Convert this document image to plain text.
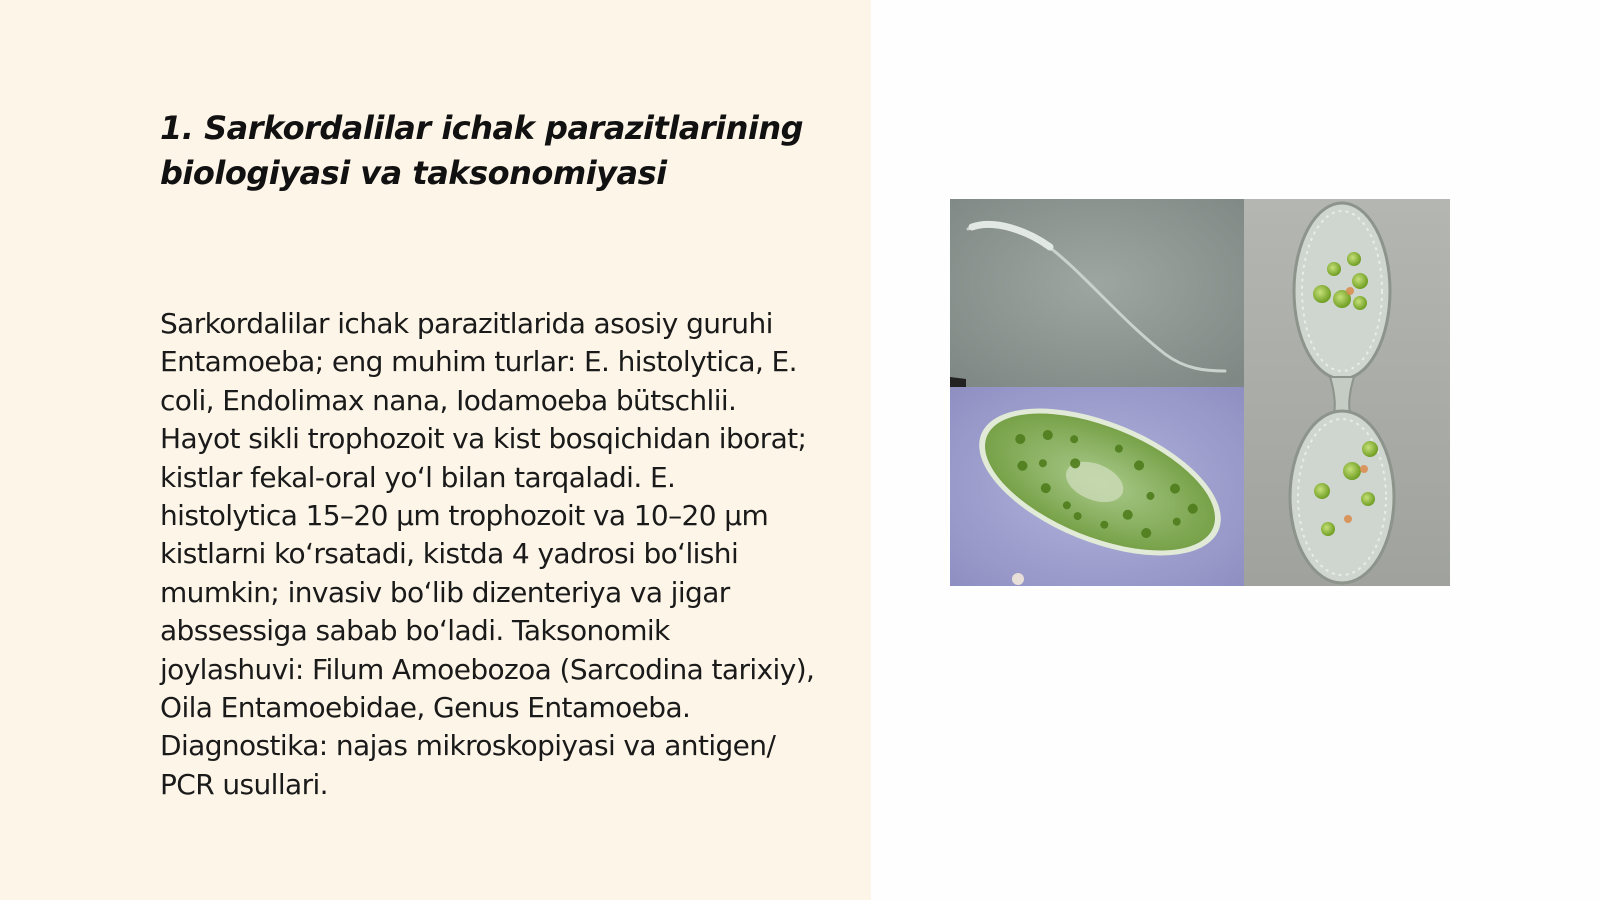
1. Sarkordalilar ichak parazitlarining biologiyasi va taksonomiyasi

Sarkordalilar ichak parazitlarida asosiy guruhi Entamoeba; eng muhim turlar: E. histolytica, E. coli, Endolimax nana, Iodamoeba bütschlii. Hayot sikli trophozoit va kist bosqichidan iborat; kistlar fekal-oral yoʻl bilan tarqaladi. E. histolytica 15–20 µm trophozoit va 10–20 µm kistlarni koʻrsatadi, kistda 4 yadrosi boʻlishi mumkin; invasiv boʻlib dizenteriya va jigar abssessiga sabab boʻladi. Taksonomik joylashuvi: Filum Amoebozoa (Sarcodina tarixiy), Oila Entamoebidae, Genus Entamoeba. Diagnostika: najas mikroskopiyasi va antigen/ PCR usullari.
